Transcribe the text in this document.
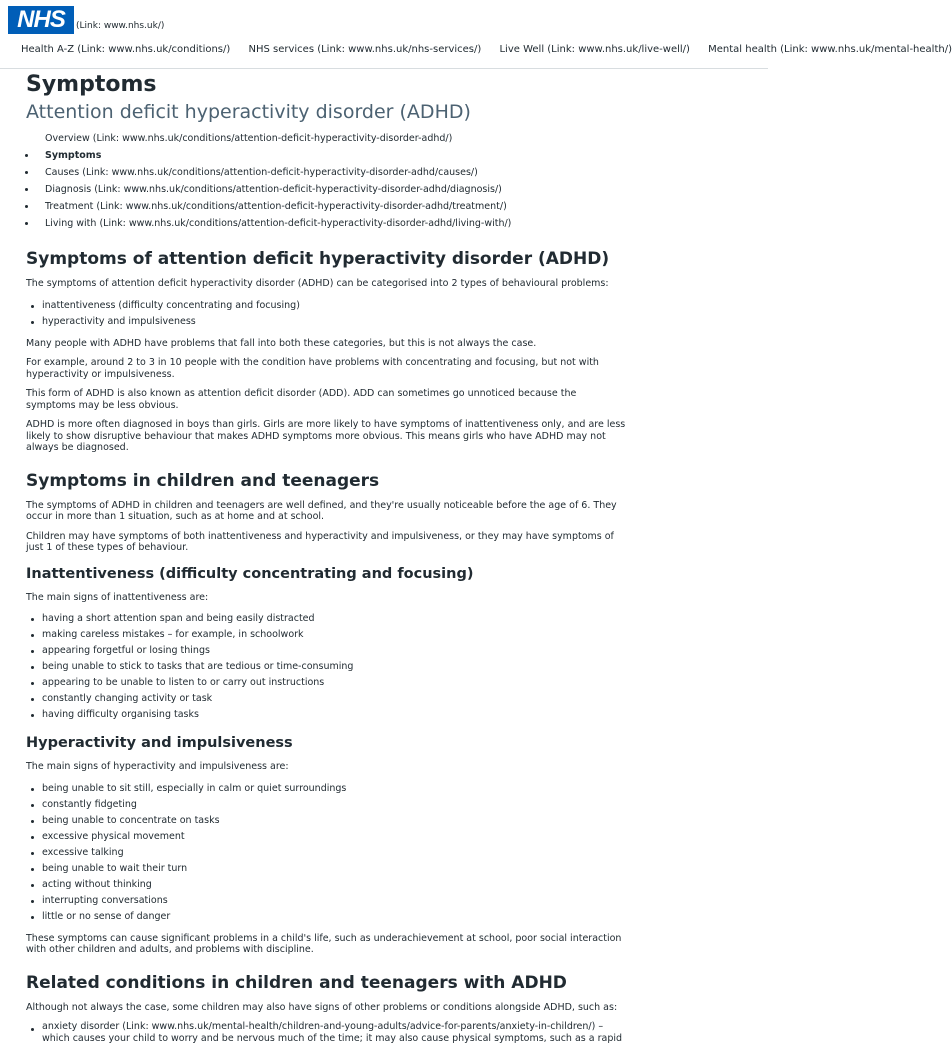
NHS	(Link: www.nhs.uk/)
Health A-Z (Link: www.nhs.uk/conditions/) NHS services (Link: www.nhs.uk/nhs-services/) Live Well (Link: www.nhs.uk/live-well/) Mental health (Link: www.nhs.uk/mental-health/)
Symptoms
Attention deficit hyperactivity disorder (ADHD)
Overview (Link: www.nhs.uk/conditions/attention-deficit-hyperactivity-disorder-adhd/)
Symptoms
Causes (Link: www.nhs.uk/conditions/attention-deficit-hyperactivity-disorder-adhd/causes/)
Diagnosis (Link: www.nhs.uk/conditions/attention-deficit-hyperactivity-disorder-adhd/diagnosis/)
Treatment (Link: www.nhs.uk/conditions/attention-deficit-hyperactivity-disorder-adhd/treatment/)
Living with (Link: www.nhs.uk/conditions/attention-deficit-hyperactivity-disorder-adhd/living-with/)
Symptoms of attention deficit hyperactivity disorder (ADHD)

The symptoms of attention deficit hyperactivity disorder (ADHD) can be categorised into 2 types of behavioural problems:

inattentiveness (difficulty concentrating and focusing)
hyperactivity and impulsiveness

Many people with ADHD have problems that fall into both these categories, but this is not always the case.

For example, around 2 to 3 in 10 people with the condition have problems with concentrating and focusing, but not with hyperactivity or impulsiveness.

This form of ADHD is also known as attention deficit disorder (ADD). ADD can sometimes go unnoticed because the symptoms may be less obvious.

ADHD is more often diagnosed in boys than girls. Girls are more likely to have symptoms of inattentiveness only, and are less likely to show disruptive behaviour that makes ADHD symptoms more obvious. This means girls who have ADHD may not always be diagnosed.

Symptoms in children and teenagers

The symptoms of ADHD in children and teenagers are well defined, and they're usually noticeable before the age of 6. They occur in more than 1 situation, such as at home and at school.

Children may have symptoms of both inattentiveness and hyperactivity and impulsiveness, or they may have symptoms of just 1 of these types of behaviour.

Inattentiveness (difficulty concentrating and focusing)

The main signs of inattentiveness are:

having a short attention span and being easily distracted
making careless mistakes – for example, in schoolwork
appearing forgetful or losing things
being unable to stick to tasks that are tedious or time-consuming
appearing to be unable to listen to or carry out instructions
constantly changing activity or task
having difficulty organising tasks
Hyperactivity and impulsiveness

The main signs of hyperactivity and impulsiveness are:

being unable to sit still, especially in calm or quiet surroundings
constantly fidgeting
being unable to concentrate on tasks
excessive physical movement
excessive talking
being unable to wait their turn
acting without thinking
interrupting conversations
little or no sense of danger

These symptoms can cause significant problems in a child's life, such as underachievement at school, poor social interaction with other children and adults, and problems with discipline.

Related conditions in children and teenagers with ADHD

Although not always the case, some children may also have signs of other problems or conditions alongside ADHD, such as:

anxiety disorder (Link: www.nhs.uk/mental-health/children-and-young-adults/advice-for-parents/anxiety-in-children/) – which causes your child to worry and be nervous much of the time; it may also cause physical symptoms, such as a rapid
